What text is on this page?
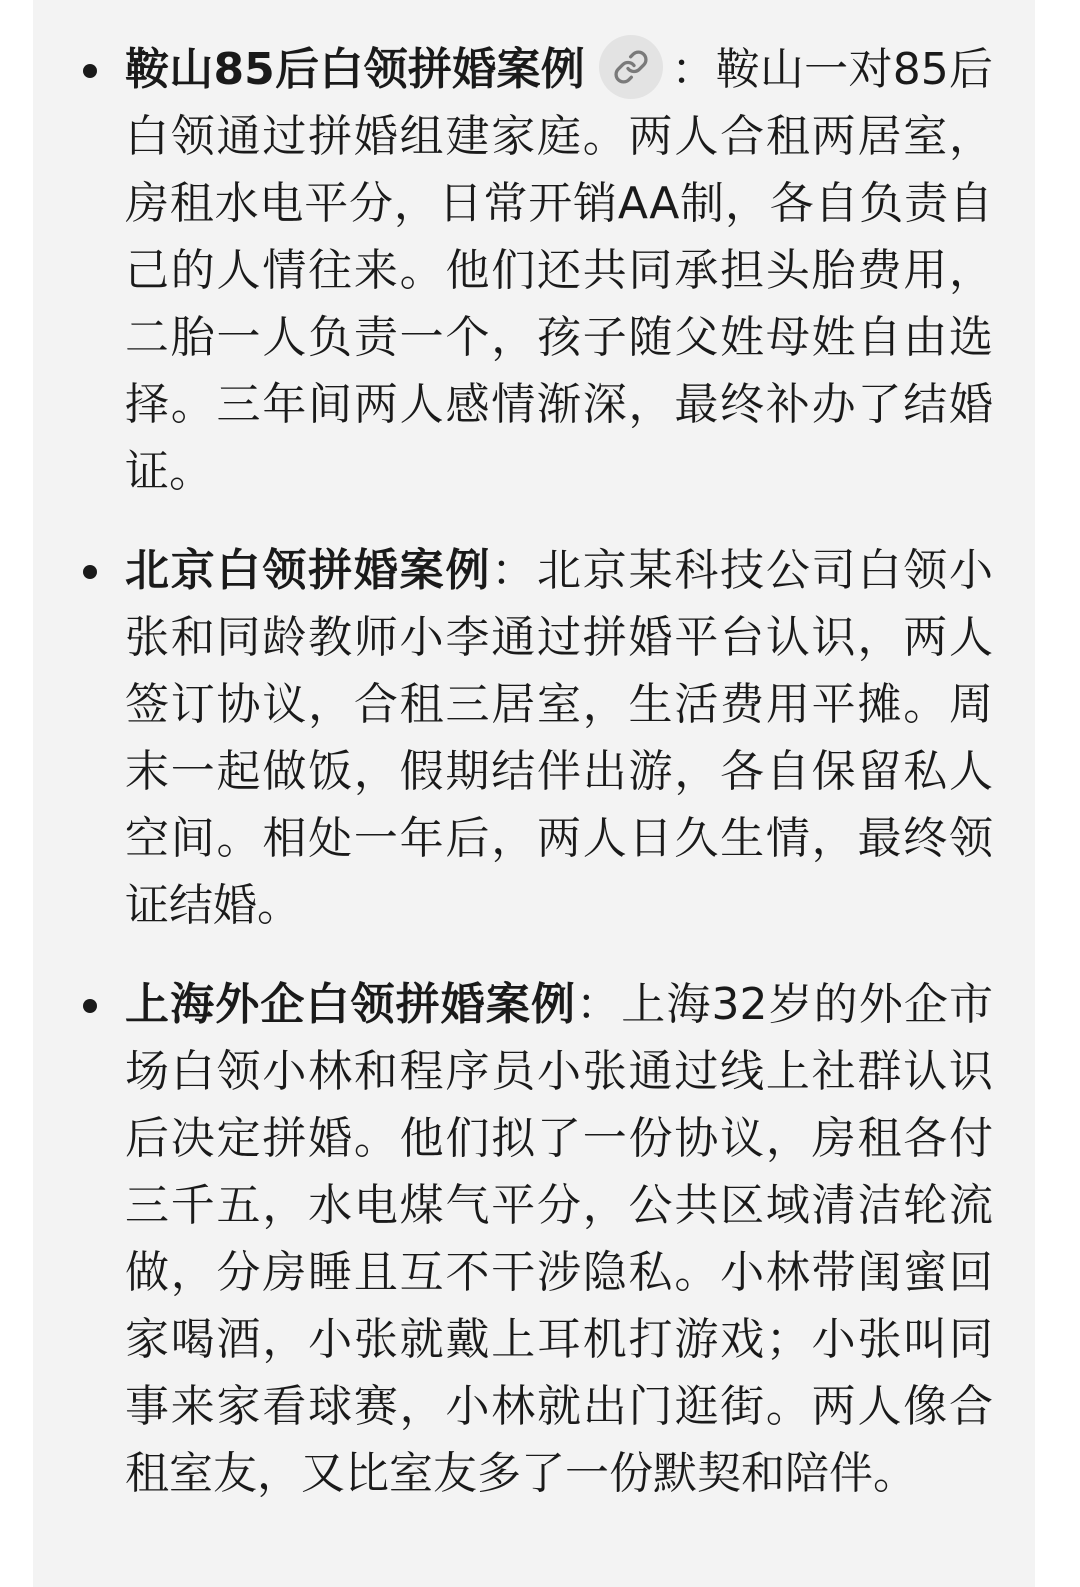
鞍山85后白领拼婚案例 ：鞍山一对85后白领通过拼婚组建家庭。两人合租两居室，房租水电平分，日常开销AA制，各自负责自己的人情往来。他们还共同承担头胎费用，二胎一人负责一个，孩子随父姓母姓自由选择。三年间两人感情渐深，最终补办了结婚证。
北京白领拼婚案例：北京某科技公司白领小张和同龄教师小李通过拼婚平台认识，两人签订协议，合租三居室，生活费用平摊。周末一起做饭，假期结伴出游，各自保留私人空间。相处一年后，两人日久生情，最终领证结婚。
上海外企白领拼婚案例：上海32岁的外企市场白领小林和程序员小张通过线上社群认识后决定拼婚。他们拟了一份协议，房租各付三千五，水电煤气平分，公共区域清洁轮流做，分房睡且互不干涉隐私。小林带闺蜜回家喝酒，小张就戴上耳机打游戏；小张叫同事来家看球赛，小林就出门逛街。两人像合租室友，又比室友多了一份默契和陪伴。
